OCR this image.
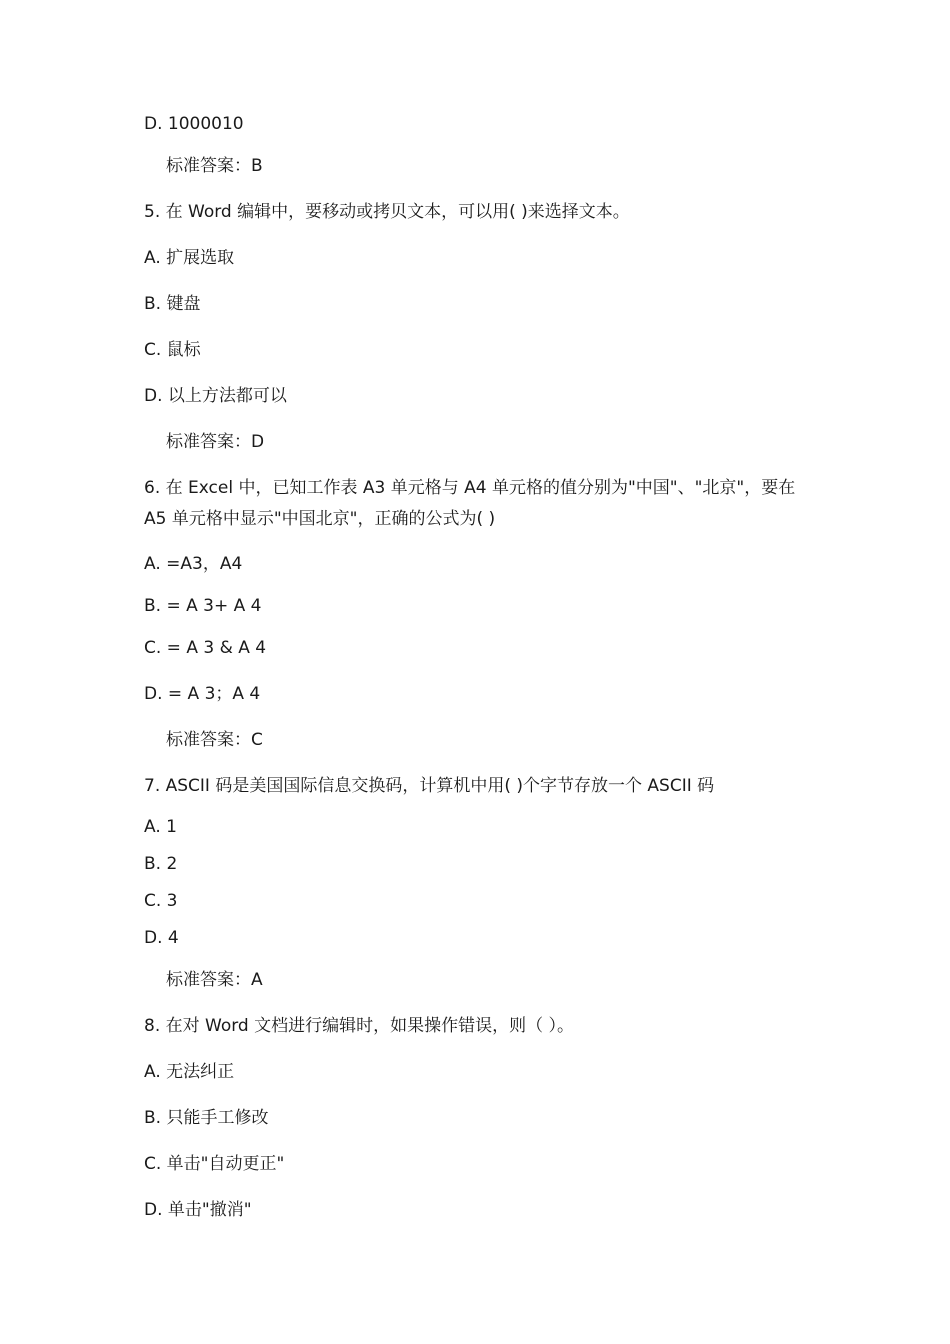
D. 1000010
标准答案：B
5. 在 Word 编辑中，要移动或拷贝文本，可以用( )来选择文本。
A. 扩展选取
B. 键盘
C. 鼠标
D. 以上方法都可以
标准答案：D
6. 在 Excel 中，已知工作表 A3 单元格与 A4 单元格的值分别为"中国"、"北京"，要在
A5 单元格中显示"中国北京"，正确的公式为( )
A. =A3，A4
B. = A 3+ A 4
C. = A 3 & A 4
D. = A 3；A 4
标准答案：C
7. ASCII 码是美国国际信息交换码，计算机中用( )个字节存放一个 ASCII 码
A. 1
B. 2
C. 3
D. 4
标准答案：A
8. 在对 Word 文档进行编辑时，如果操作错误，则（ ）。
A. 无法纠正
B. 只能手工修改
C. 单击"自动更正"
D. 单击"撤消"
